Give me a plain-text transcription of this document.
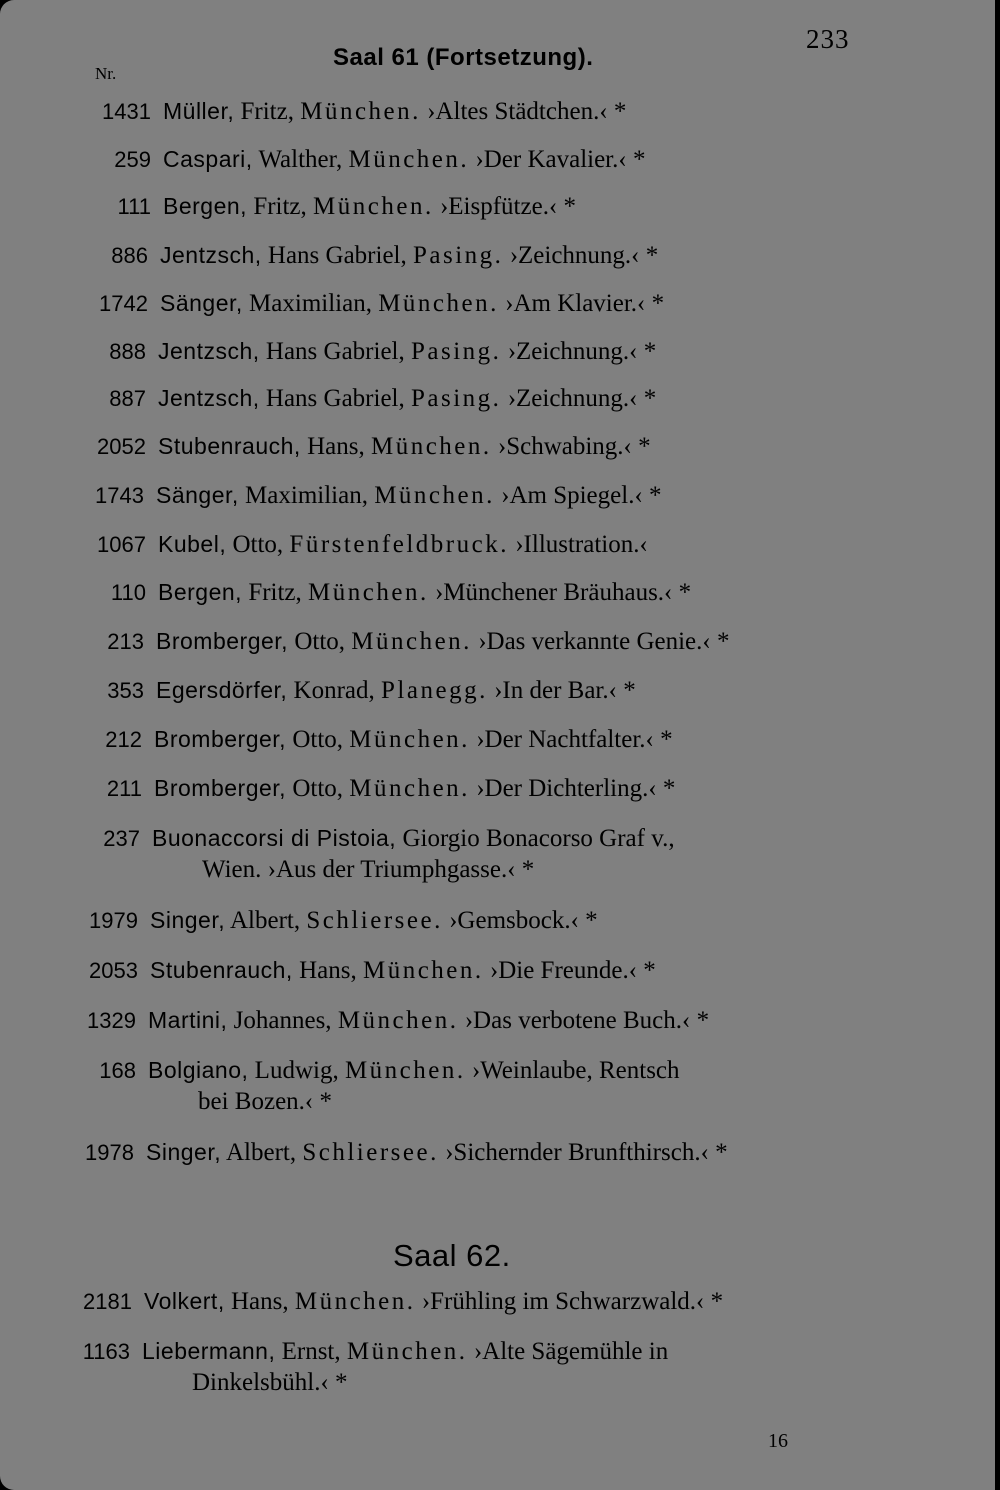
233
Nr.
Saal 61 (Fortsetzung).
1431 Müller, Fritz, München. ›Altes Städtchen.‹ *
259 Caspari, Walther, München. ›Der Kavalier.‹ *
111 Bergen, Fritz, München. ›Eispfütze.‹ *
886 Jentzsch, Hans Gabriel, Pasing. ›Zeichnung.‹ *
1742 Sänger, Maximilian, München. ›Am Klavier.‹ *
888 Jentzsch, Hans Gabriel, Pasing. ›Zeichnung.‹ *
887 Jentzsch, Hans Gabriel, Pasing. ›Zeichnung.‹ *
2052 Stubenrauch, Hans, München. ›Schwabing.‹ *
1743 Sänger, Maximilian, München. ›Am Spiegel.‹ *
1067 Kubel, Otto, Fürstenfeldbruck. ›Illustration.‹
110 Bergen, Fritz, München. ›Münchener Bräuhaus.‹ *
213 Bromberger, Otto, München. ›Das verkannte Genie.‹ *
353 Egersdörfer, Konrad, Planegg. ›In der Bar.‹ *
212 Bromberger, Otto, München. ›Der Nachtfalter.‹ *
211 Bromberger, Otto, München. ›Der Dichterling.‹ *
237 Buonaccorsi di Pistoia, Giorgio Bonacorso Graf v.,
Wien. ›Aus der Triumphgasse.‹ *
1979 Singer, Albert, Schliersee. ›Gemsbock.‹ *
2053 Stubenrauch, Hans, München. ›Die Freunde.‹ *
1329 Martini, Johannes, München. ›Das verbotene Buch.‹ *
168 Bolgiano, Ludwig, München. ›Weinlaube, Rentsch
bei Bozen.‹ *
1978 Singer, Albert, Schliersee. ›Sichernder Brunfthirsch.‹ *
Saal 62.
2181 Volkert, Hans, München. ›Frühling im Schwarzwald.‹ *
1163 Liebermann, Ernst, München. ›Alte Sägemühle in
Dinkelsbühl.‹ *
16
